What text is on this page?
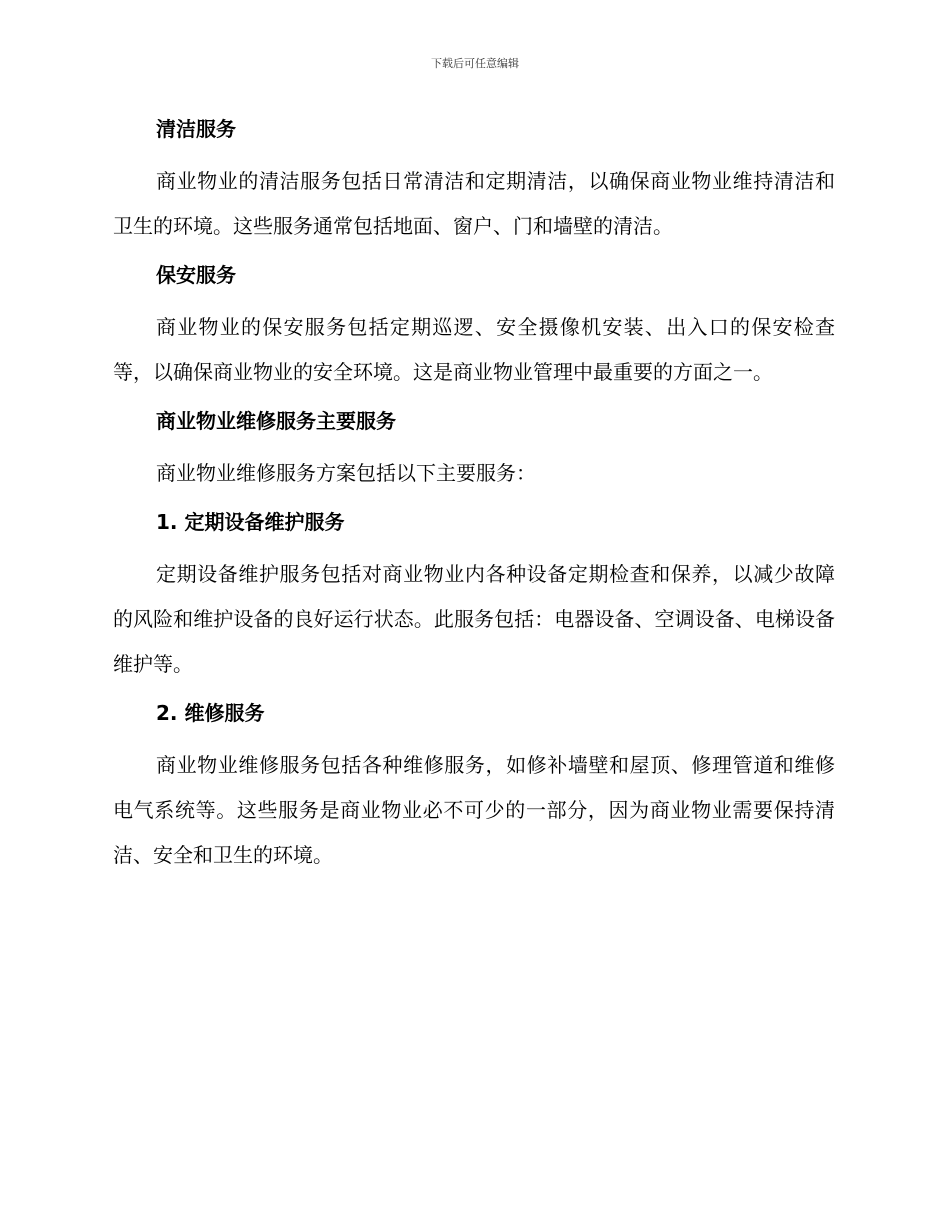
下载后可任意编辑
清洁服务

商业物业的清洁服务包括日常清洁和定期清洁，以确保商业物业维持清洁和卫生的环境。这些服务通常包括地面、窗户、门和墙壁的清洁。

保安服务

商业物业的保安服务包括定期巡逻、安全摄像机安装、出入口的保安检查等，以确保商业物业的安全环境。这是商业物业管理中最重要的方面之一。

商业物业维修服务主要服务

商业物业维修服务方案包括以下主要服务：

1. 定期设备维护服务

定期设备维护服务包括对商业物业内各种设备定期检查和保养，以减少故障的风险和维护设备的良好运行状态。此服务包括：电器设备、空调设备、电梯设备维护等。

2. 维修服务

商业物业维修服务包括各种维修服务，如修补墙壁和屋顶、修理管道和维修电气系统等。这些服务是商业物业必不可少的一部分，因为商业物业需要保持清洁、安全和卫生的环境。
